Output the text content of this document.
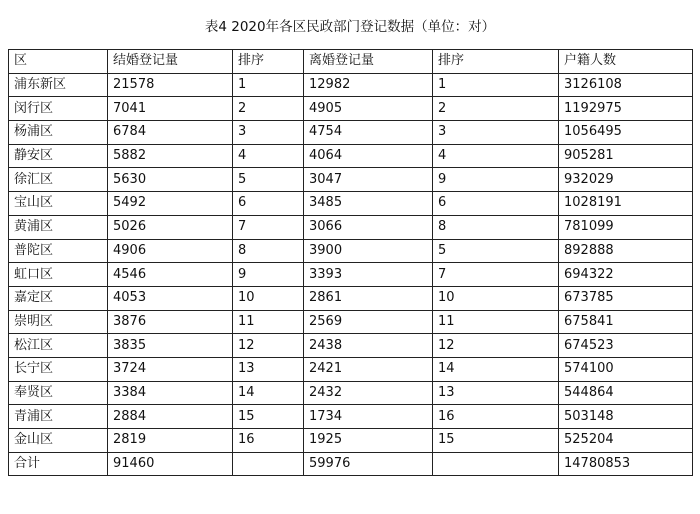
表4 2020年各区民政部门登记数据（单位：对）
区	结婚登记量	排序	离婚登记量	排序	户籍人数
浦东新区	21578	1	12982	1	3126108
闵行区	7041	2	4905	2	1192975
杨浦区	6784	3	4754	3	1056495
静安区	5882	4	4064	4	905281
徐汇区	5630	5	3047	9	932029
宝山区	5492	6	3485	6	1028191
黄浦区	5026	7	3066	8	781099
普陀区	4906	8	3900	5	892888
虹口区	4546	9	3393	7	694322
嘉定区	4053	10	2861	10	673785
崇明区	3876	11	2569	11	675841
松江区	3835	12	2438	12	674523
长宁区	3724	13	2421	14	574100
奉贤区	3384	14	2432	13	544864
青浦区	2884	15	1734	16	503148
金山区	2819	16	1925	15	525204
合计	91460		59976		14780853
